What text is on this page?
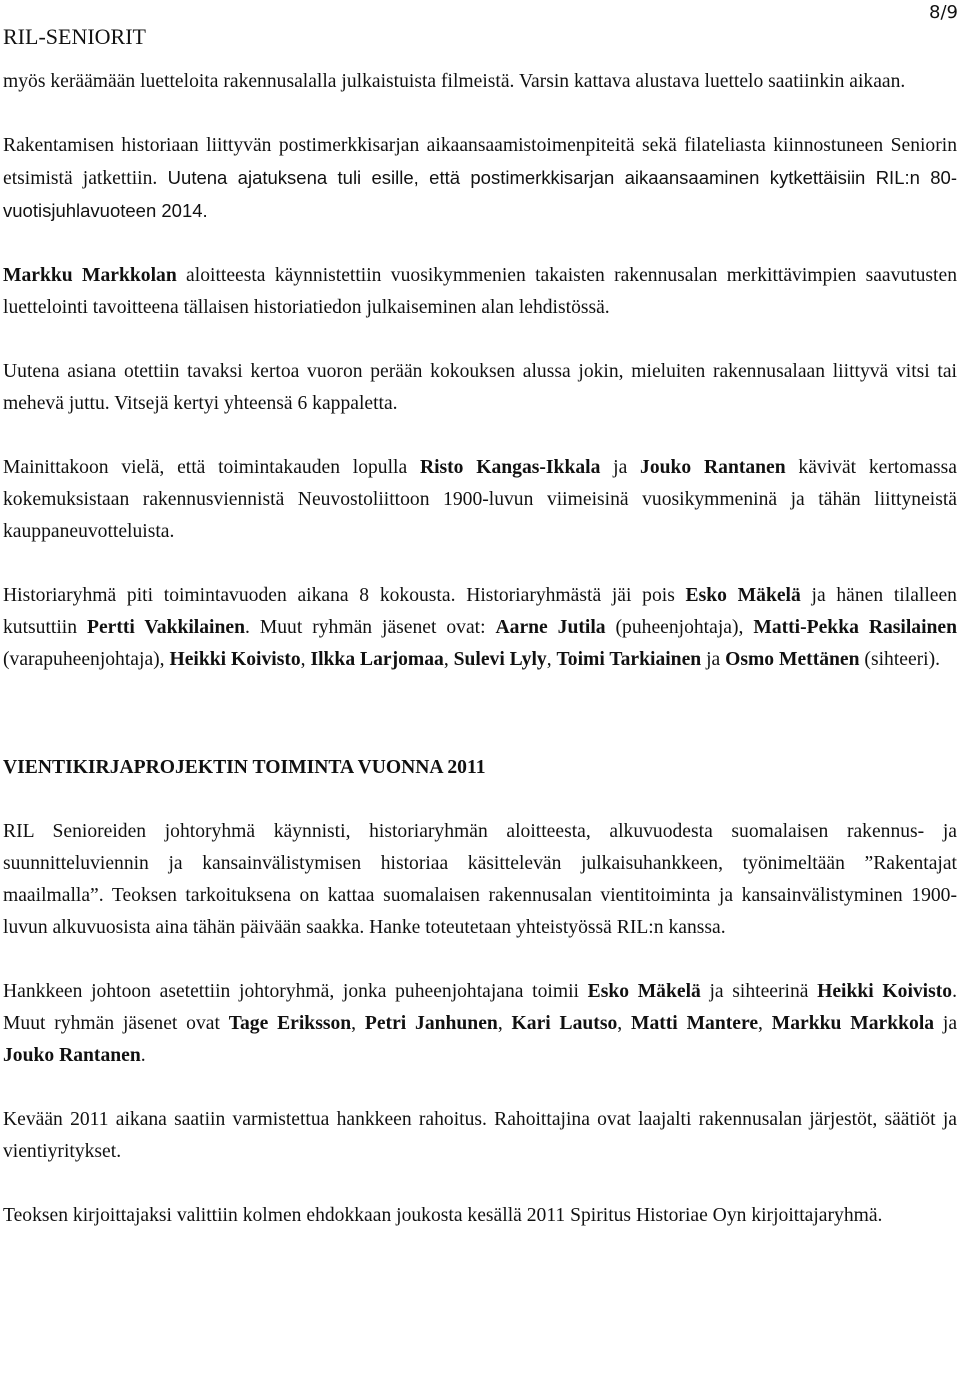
RIL-SENIORIT
8/9

myös keräämään luetteloita rakennusalalla julkaistuista filmeistä. Varsin kattava alustava luettelo saatiinkin aikaan.

Rakentamisen historiaan liittyvän postimerkkisarjan aikaansaamistoimenpiteitä sekä filateliasta kiinnostuneen Seniorin etsimistä jatkettiin. Uutena ajatuksena tuli esille, että postimerkkisarjan aikaansaaminen kytkettäisiin RIL:n 80-vuotisjuhlavuoteen 2014.

Markku Markkolan aloitteesta käynnistettiin vuosikymmenien takaisten rakennusalan merkittävimpien saavutusten luettelointi tavoitteena tällaisen historiatiedon julkaiseminen alan lehdistössä.

Uutena asiana otettiin tavaksi kertoa vuoron perään kokouksen alussa jokin, mieluiten rakennusalaan liittyvä vitsi tai mehevä juttu. Vitsejä kertyi yhteensä 6 kappaletta.

Mainittakoon vielä, että toimintakauden lopulla Risto Kangas-Ikkala ja Jouko Rantanen kävivät kertomassa kokemuksistaan rakennusviennistä Neuvostoliittoon 1900-luvun viimeisinä vuosikymmeninä ja tähän liittyneistä kauppaneuvotteluista.

Historiaryhmä piti toimintavuoden aikana 8 kokousta. Historiaryhmästä jäi pois Esko Mäkelä ja hänen tilalleen kutsuttiin Pertti Vakkilainen. Muut ryhmän jäsenet ovat: Aarne Jutila (puheenjohtaja), Matti-Pekka Rasilainen (varapuheenjohtaja), Heikki Koivisto, Ilkka Larjomaa, Sulevi Lyly, Toimi Tarkiainen ja Osmo Mettänen (sihteeri).

VIENTIKIRJAPROJEKTIN TOIMINTA VUONNA 2011

RIL Senioreiden johtoryhmä käynnisti, historiaryhmän aloitteesta, alkuvuodesta suomalaisen rakennus- ja suunnitteluviennin ja kansainvälistymisen historiaa käsittelevän julkaisuhankkeen, työnimeltään ”Rakentajat maailmalla”. Teoksen tarkoituksena on kattaa suomalaisen rakennusalan vientitoiminta ja kansainvälistyminen 1900- luvun alkuvuosista aina tähän päivään saakka. Hanke toteutetaan yhteistyössä RIL:n kanssa.

Hankkeen johtoon asetettiin johtoryhmä, jonka puheenjohtajana toimii Esko Mäkelä ja sihteerinä Heikki Koivisto. Muut ryhmän jäsenet ovat Tage Eriksson, Petri Janhunen, Kari Lautso, Matti Mantere, Markku Markkola ja Jouko Rantanen.

Kevään 2011 aikana saatiin varmistettua hankkeen rahoitus. Rahoittajina ovat laajalti rakennusalan järjestöt, säätiöt ja vientiyritykset.

Teoksen kirjoittajaksi valittiin kolmen ehdokkaan joukosta kesällä 2011 Spiritus Historiae Oyn kirjoittajaryhmä.
